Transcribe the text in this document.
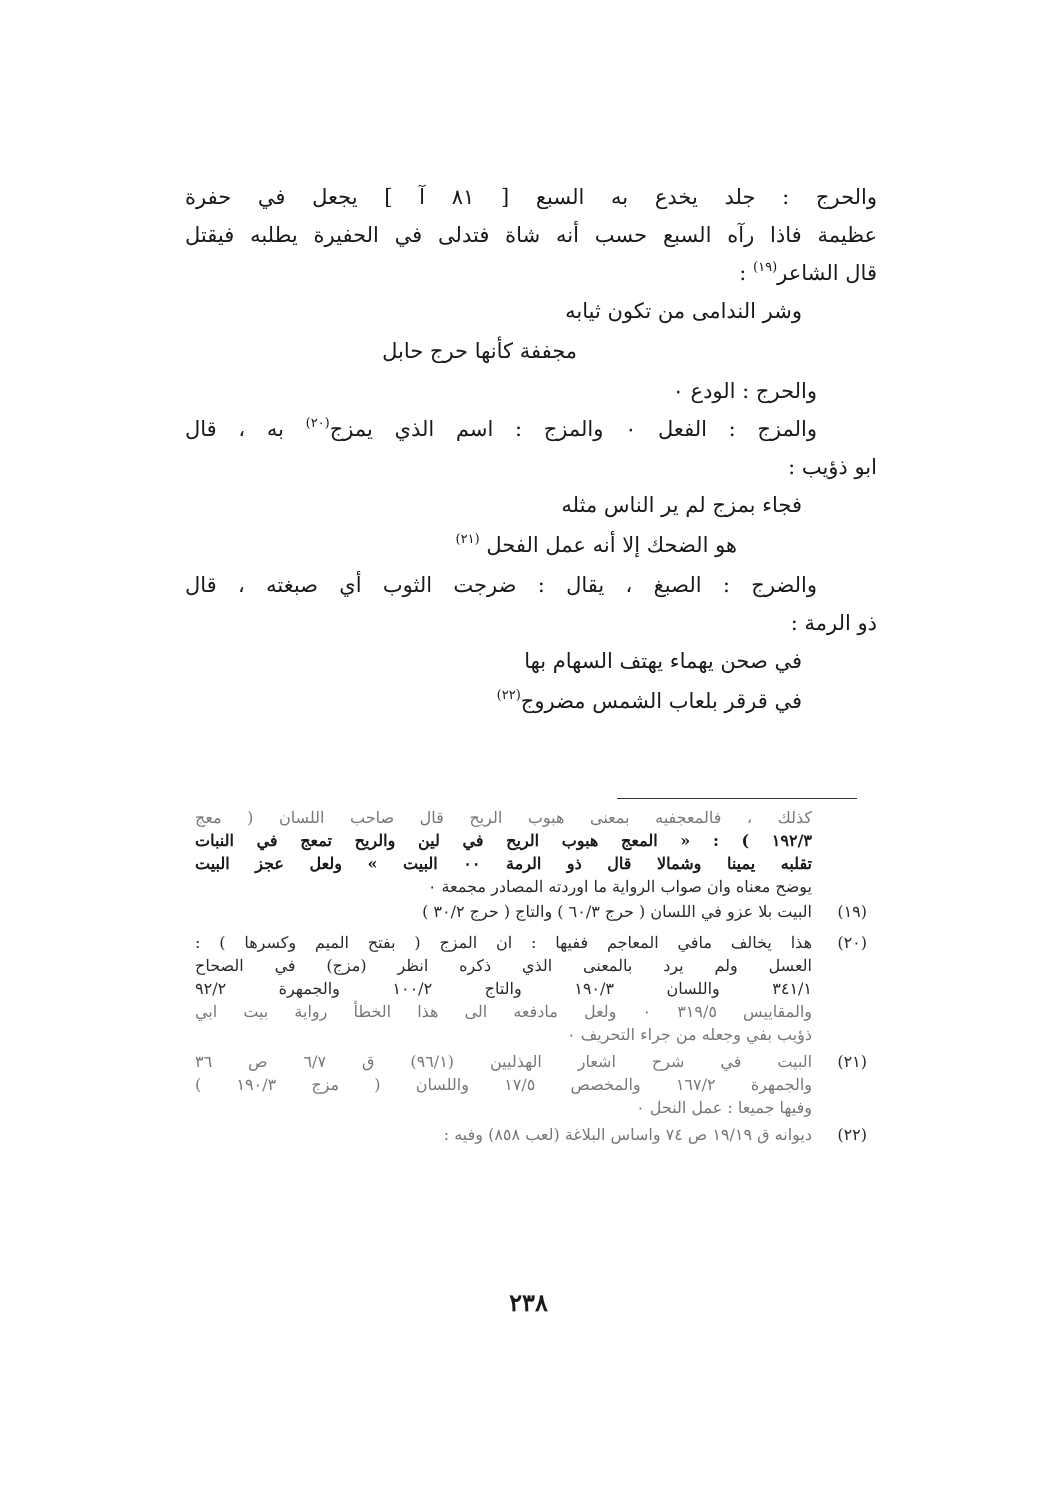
والحرج : جلد يخدع به السبع [ ٨١ آ ] يجعل في حفرة
عظيمة فاذا رآه السبع حسب أنه شاة فتدلى في الحفيرة يطلبه فيقتل
قال الشاعر$^{(١٩)}$ :
وشر الندامى من تكون ثيابه
مجففة كأنها حرج حابل
والحرج : الودع ٠
والمزج : الفعل ٠ والمزج : اسم الذي يمزج$^{(٢٠)}$ به ، قال
ابو ذؤيب :
فجاء بمزج لم ير الناس مثله
هو الضحك إلا أنه عمل الفحل $^{(٢١)}$
والضرج : الصبغ ، يقال : ضرجت الثوب أي صبغته ، قال
ذو الرمة :
في صحن يهماء يهتف السهام بها
في قرقر بلعاب الشمس مضروج$^{(٢٢)}$
كذلك ، فالمعجفيه بمعنى هبوب الريح قال صاحب اللسان ( معج
١٩٢/٣ ) : « المعج هبوب الريح في لين والريح تمعج في النبات
تقلبه يمينا وشمالا قال ذو الرمة ٠٠ البيت » ولعل عجز البيت
يوضح معناه وان صواب الرواية ما اوردته المصادر مجمعة ٠
(١٩)
البيت بلا عزو في اللسان ( حرج ٦٠/٣ ) والتاج ( حرج ٣٠/٢ )
(٢٠)
هذا يخالف مافي المعاجم ففيها : ان المزج ( بفتح الميم وكسرها ) :
العسل ولم يرد بالمعنى الذي ذكره انظر (مزج) في الصحاح
٣٤١/١ واللسان ١٩٠/٣ والتاج ١٠٠/٢ والجمهرة ٩٢/٢
والمقاييس ٣١٩/٥ ٠ ولعل مادفعه الى هذا الخطأ رواية بيت ابي
ذؤيب بفي وجعله من جراء التحريف ٠
(٢١)
البيت في شرح اشعار الهذليين (٩٦/١) ق ٦/٧ ص ٣٦
والجمهرة ١٦٧/٢ والمخصص ١٧/٥ واللسان ( مزج ١٩٠/٣ )
وفيها جميعا : عمل النحل ٠
(٢٢)
ديوانه ق ١٩/١٩ ص ٧٤ واساس البلاغة (لعب ٨٥٨) وفيه :
٢٣٨
